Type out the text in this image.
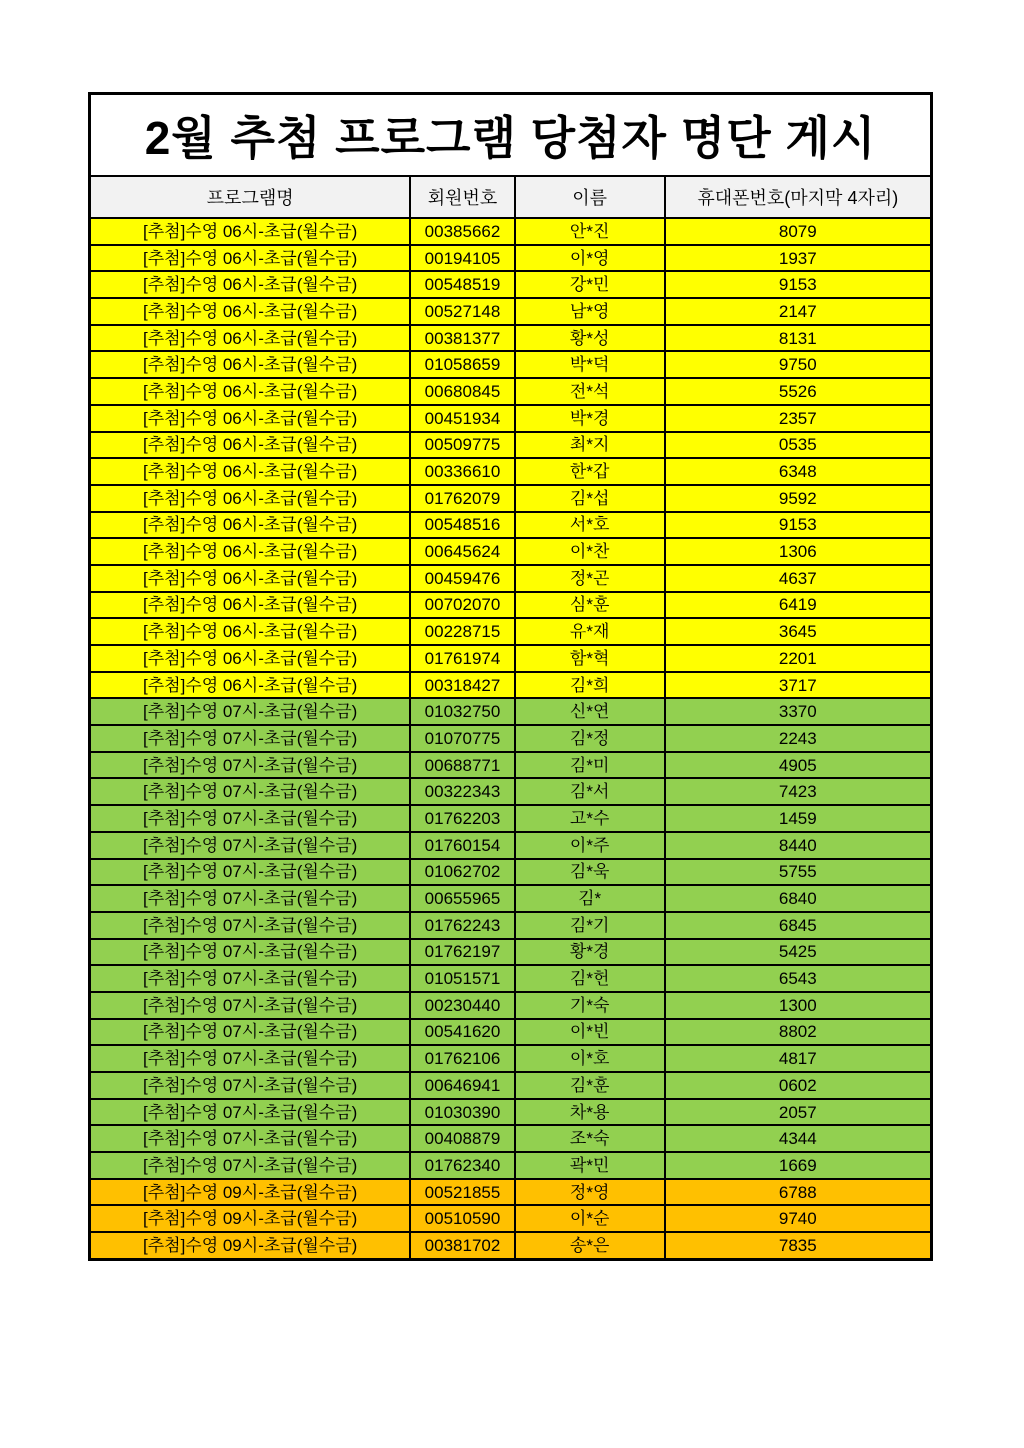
2월 추첨 프로그램 당첨자 명단 게시			
프로그램명	회원번호	이름	휴대폰번호(마지막 4자리)
[추첨]수영 06시-초급(월수금)	00385662	안*진	8079
[추첨]수영 06시-초급(월수금)	00194105	이*영	1937
[추첨]수영 06시-초급(월수금)	00548519	강*민	9153
[추첨]수영 06시-초급(월수금)	00527148	남*영	2147
[추첨]수영 06시-초급(월수금)	00381377	황*성	8131
[추첨]수영 06시-초급(월수금)	01058659	박*덕	9750
[추첨]수영 06시-초급(월수금)	00680845	전*석	5526
[추첨]수영 06시-초급(월수금)	00451934	박*경	2357
[추첨]수영 06시-초급(월수금)	00509775	최*지	0535
[추첨]수영 06시-초급(월수금)	00336610	한*갑	6348
[추첨]수영 06시-초급(월수금)	01762079	김*섭	9592
[추첨]수영 06시-초급(월수금)	00548516	서*호	9153
[추첨]수영 06시-초급(월수금)	00645624	이*찬	1306
[추첨]수영 06시-초급(월수금)	00459476	정*곤	4637
[추첨]수영 06시-초급(월수금)	00702070	심*훈	6419
[추첨]수영 06시-초급(월수금)	00228715	유*재	3645
[추첨]수영 06시-초급(월수금)	01761974	함*혁	2201
[추첨]수영 06시-초급(월수금)	00318427	김*희	3717
[추첨]수영 07시-초급(월수금)	01032750	신*연	3370
[추첨]수영 07시-초급(월수금)	01070775	김*정	2243
[추첨]수영 07시-초급(월수금)	00688771	김*미	4905
[추첨]수영 07시-초급(월수금)	00322343	김*서	7423
[추첨]수영 07시-초급(월수금)	01762203	고*수	1459
[추첨]수영 07시-초급(월수금)	01760154	이*주	8440
[추첨]수영 07시-초급(월수금)	01062702	김*욱	5755
[추첨]수영 07시-초급(월수금)	00655965	김*	6840
[추첨]수영 07시-초급(월수금)	01762243	김*기	6845
[추첨]수영 07시-초급(월수금)	01762197	황*경	5425
[추첨]수영 07시-초급(월수금)	01051571	김*헌	6543
[추첨]수영 07시-초급(월수금)	00230440	기*숙	1300
[추첨]수영 07시-초급(월수금)	00541620	이*빈	8802
[추첨]수영 07시-초급(월수금)	01762106	이*호	4817
[추첨]수영 07시-초급(월수금)	00646941	김*훈	0602
[추첨]수영 07시-초급(월수금)	01030390	차*용	2057
[추첨]수영 07시-초급(월수금)	00408879	조*숙	4344
[추첨]수영 07시-초급(월수금)	01762340	곽*민	1669
[추첨]수영 09시-초급(월수금)	00521855	정*영	6788
[추첨]수영 09시-초급(월수금)	00510590	이*순	9740
[추첨]수영 09시-초급(월수금)	00381702	송*은	7835
